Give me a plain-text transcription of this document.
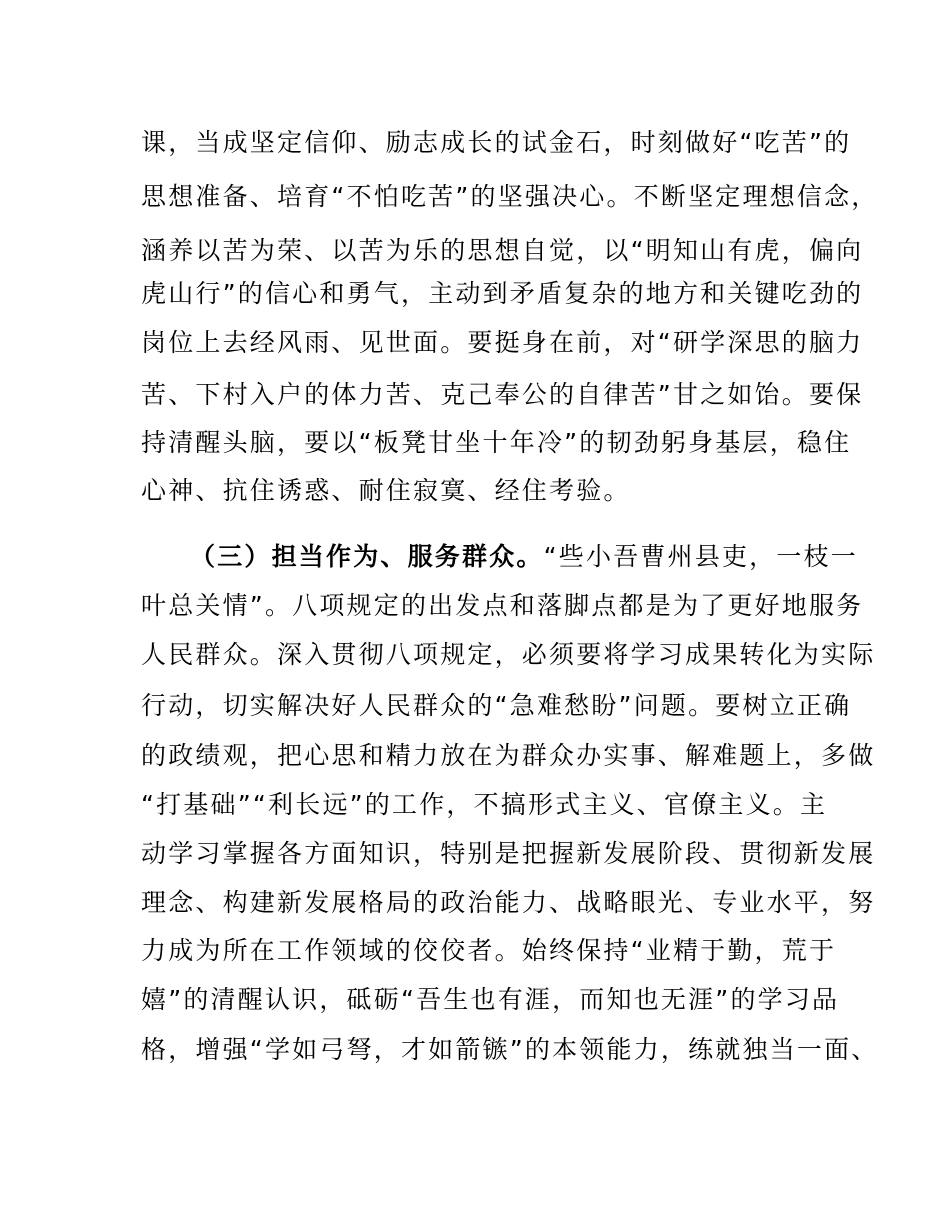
课，当成坚定信仰、励志成长的试金石，时刻做好“吃苦”的
思想准备、培育“不怕吃苦”的坚强决心。不断坚定理想信念，
涵养以苦为荣、以苦为乐的思想自觉，以“明知山有虎，偏向
虎山行”的信心和勇气，主动到矛盾复杂的地方和关键吃劲的
岗位上去经风雨、见世面。要挺身在前，对“研学深思的脑力
苦、下村入户的体力苦、克己奉公的自律苦”甘之如饴。要保
持清醒头脑，要以“板凳甘坐十年冷”的韧劲躬身基层，稳住
心神、抗住诱惑、耐住寂寞、经住考验。
（三）担当作为、服务群众。“些小吾曹州县吏，一枝一
叶总关情”。八项规定的出发点和落脚点都是为了更好地服务
人民群众。深入贯彻八项规定，必须要将学习成果转化为实际
行动，切实解决好人民群众的“急难愁盼”问题。要树立正确
的政绩观，把心思和精力放在为群众办实事、解难题上，多做
“打基础”“利长远”的工作，不搞形式主义、官僚主义。主
动学习掌握各方面知识，特别是把握新发展阶段、贯彻新发展
理念、构建新发展格局的政治能力、战略眼光、专业水平，努
力成为所在工作领域的佼佼者。始终保持“业精于勤，荒于
嬉”的清醒认识，砥砺“吾生也有涯，而知也无涯”的学习品
格，增强“学如弓弩，才如箭镞”的本领能力，练就独当一面、
